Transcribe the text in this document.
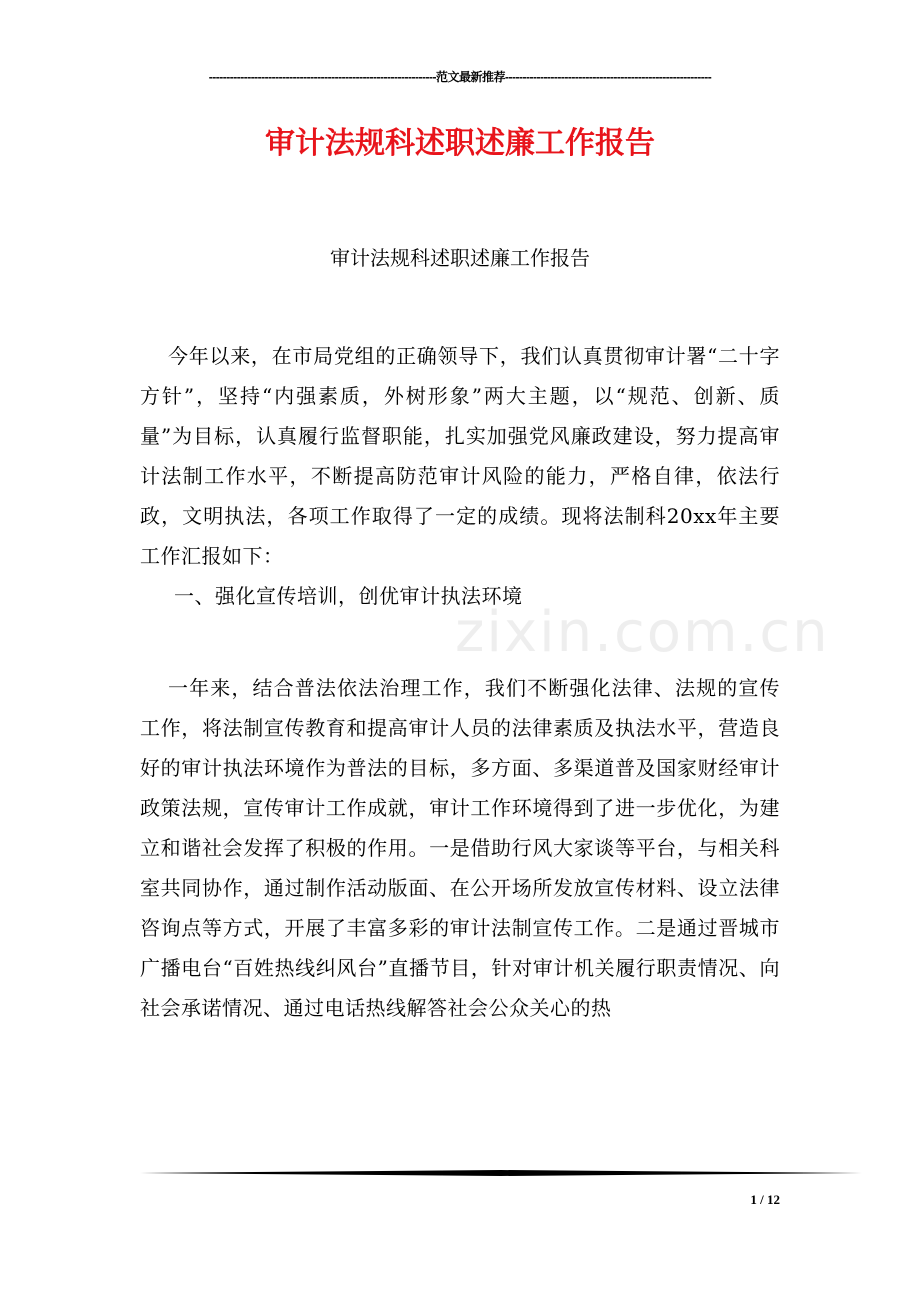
-----------------------------------------------------------------范文最新推荐-----------------------------------------------------------
审计法规科述职述廉工作报告
审计法规科述职述廉工作报告
zixin.com.cn

今年以来，在市局党组的正确领导下，我们认真贯彻审计署“二十字方针”，坚持“内强素质，外树形象”两大主题，以“规范、创新、质量”为目标，认真履行监督职能，扎实加强党风廉政建设，努力提高审计法制工作水平，不断提高防范审计风险的能力，严格自律，依法行政，文明执法，各项工作取得了一定的成绩。现将法制科20xx年主要工作汇报如下：

一、强化宣传培训，创优审计执法环境

一年来，结合普法依法治理工作，我们不断强化法律、法规的宣传工作，将法制宣传教育和提高审计人员的法律素质及执法水平，营造良好的审计执法环境作为普法的目标，多方面、多渠道普及国家财经审计政策法规，宣传审计工作成就，审计工作环境得到了进一步优化，为建立和谐社会发挥了积极的作用。一是借助行风大家谈等平台，与相关科室共同协作，通过制作活动版面、在公开场所发放宣传材料、设立法律咨询点等方式，开展了丰富多彩的审计法制宣传工作。二是通过晋城市广播电台“百姓热线纠风台”直播节目，针对审计机关履行职责情况、向社会承诺情况、通过电话热线解答社会公众关心的热

1 / 12
